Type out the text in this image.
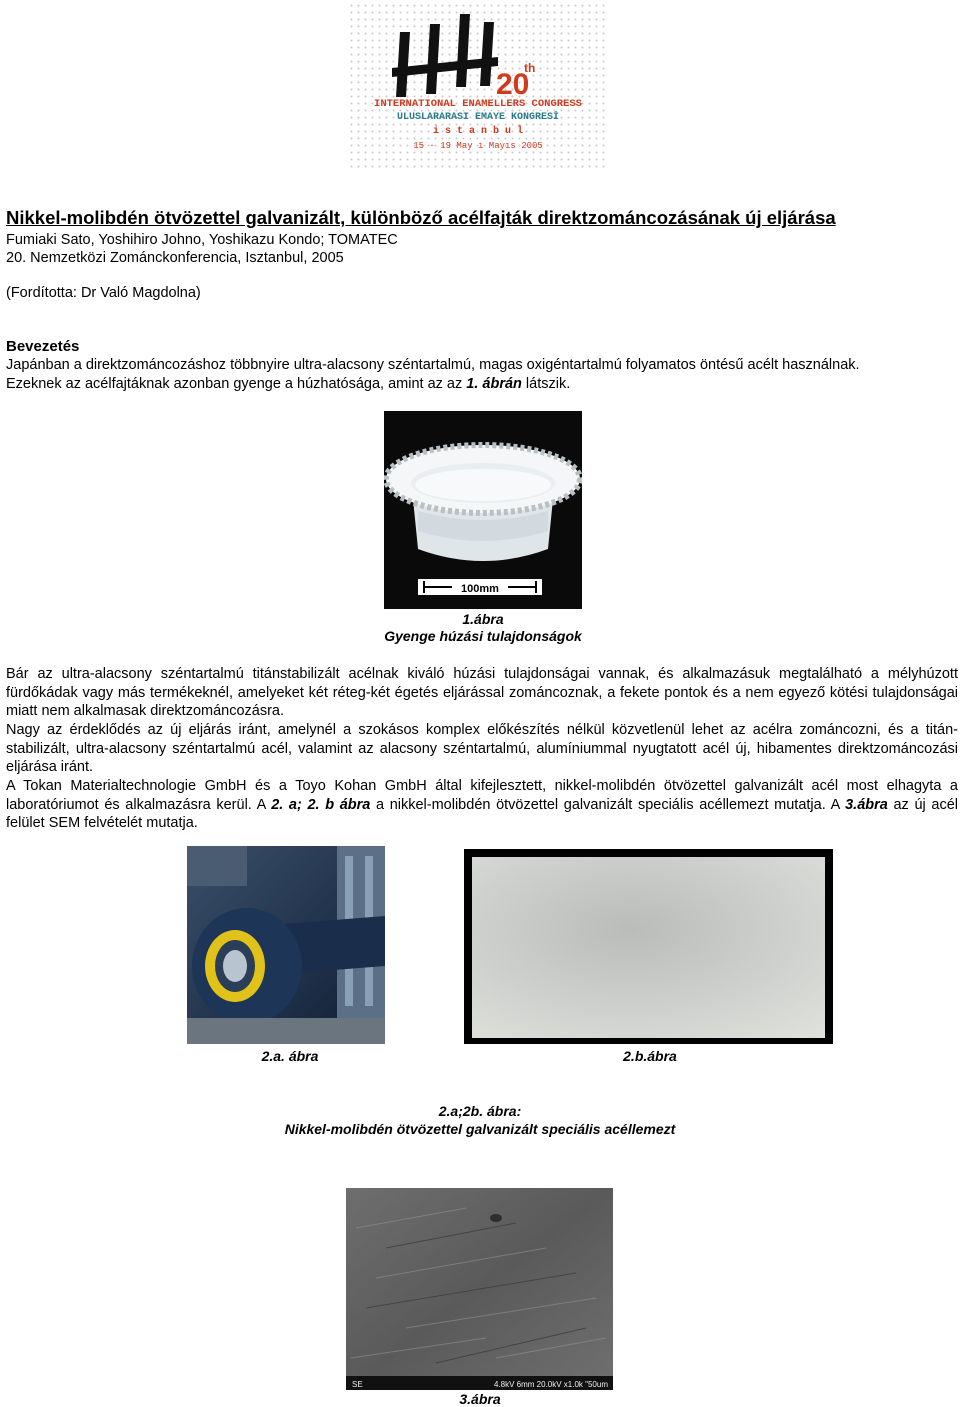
20
th
INTERNATIONAL ENAMELLERS CONGRESS
ULUSLARARASI EMAYE KONGRESİ
i s t a n b u l
15 - 19 May ı Mayıs 2005
Nikkel-molibdén ötvözettel galvanizált, különböző acélfajták direktzománcozásának új eljárása
Fumiaki Sato, Yoshihiro Johno, Yoshikazu Kondo; TOMATEC
20. Nemzetközi Zománckonferencia, Isztanbul, 2005
(Fordította: Dr Való Magdolna)
Bevezetés
Japánban a direktzománcozáshoz többnyire ultra-alacsony széntartalmú, magas oxigéntartalmú folyamatos öntésű acélt használnak.
Ezeknek az acélfajtáknak azonban gyenge a húzhatósága, amint az az 1. ábrán látszik.
100mm
1.ábra
Gyenge húzási tulajdonságok
Bár az ultra-alacsony széntartalmú titánstabilizált acélnak kiváló húzási tulajdonságai vannak, és alkalmazásuk megtalálható a mélyhúzott fürdőkádak vagy más termékeknél, amelyeket két réteg-két égetés eljárással zománcoznak, a fekete pontok és a nem egyező kötési tulajdonságai miatt nem alkalmasak direktzománcozásra.
Nagy az érdeklődés az új eljárás iránt, amelynél a szokásos komplex előkészítés nélkül közvetlenül lehet az acélra zománcozni, és a titán-stabilizált, ultra-alacsony széntartalmú acél, valamint az alacsony széntartalmú, alumíniummal nyugtatott acél új, hibamentes direktzománcozási eljárása iránt.
A Tokan Materialtechnologie GmbH és a Toyo Kohan GmbH által kifejlesztett, nikkel-molibdén ötvözettel galvanizált acél most elhagyta a laboratóriumot és alkalmazásra kerül. A 2. a; 2. b ábra a nikkel-molibdén ötvözettel galvanizált speciális acéllemezt mutatja. A 3.ábra az új acél felület SEM felvételét mutatja.
2.a. ábra	2.b.ábra
2.a;2b. ábra:
Nikkel-molibdén ötvözettel galvanizált speciális acéllemezt
SE	4.8kV 6mm 20.0kV x1.0k "50um
3.ábra
